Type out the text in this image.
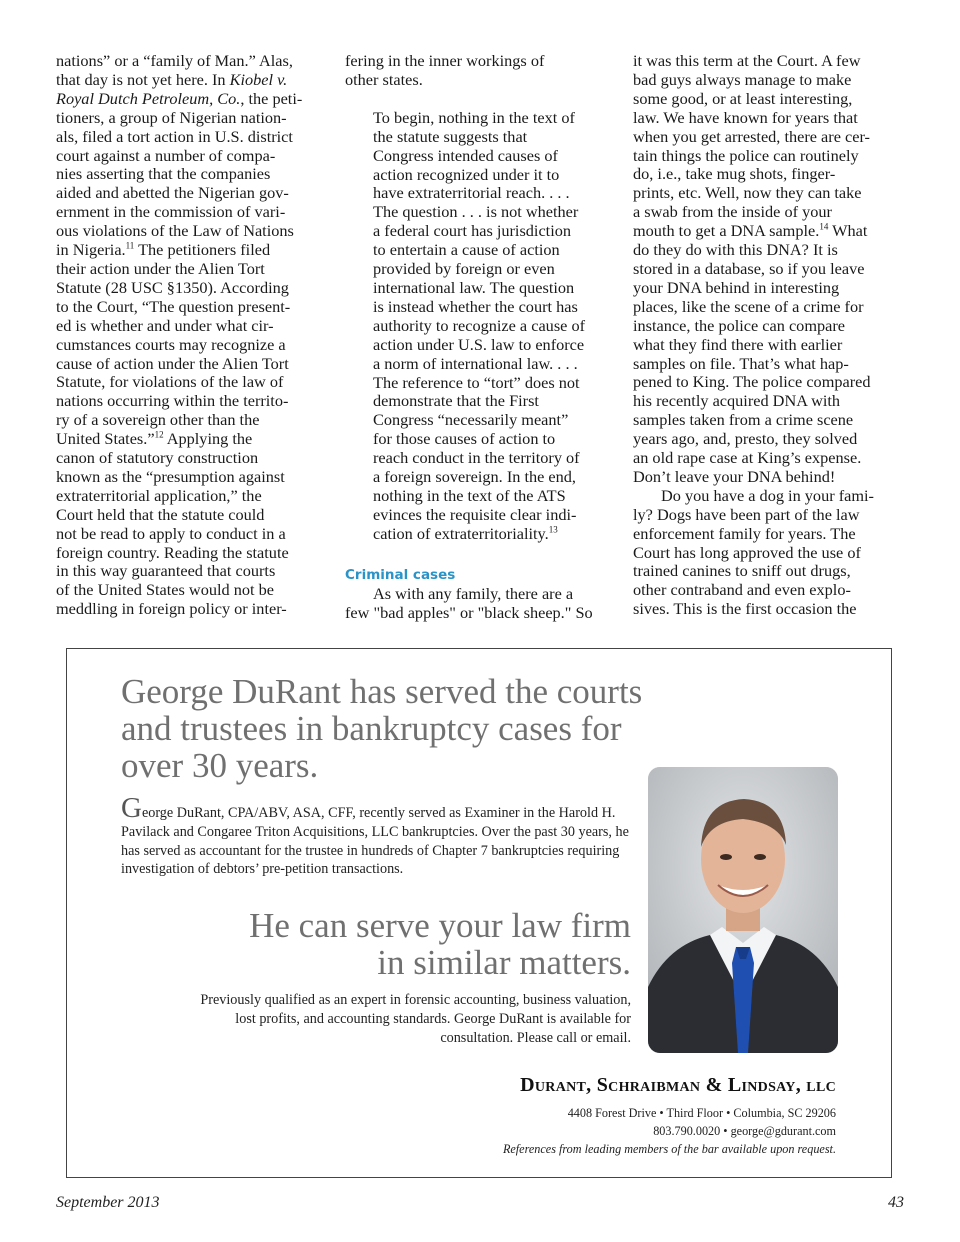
nations” or a “family of Man.” Alas,

that day is not yet here. In Kiobel v.

Royal Dutch Petroleum, Co., the peti-

tioners, a group of Nigerian nation-

als, filed a tort action in U.S. district

court against a number of compa-

nies asserting that the companies

aided and abetted the Nigerian gov-

ernment in the commission of vari-

ous violations of the Law of Nations

in Nigeria.$^{11}$ The petitioners filed

their action under the Alien Tort

Statute (28 USC §1350). According

to the Court, “The question present-

ed is whether and under what cir-

cumstances courts may recognize a

cause of action under the Alien Tort

Statute, for violations of the law of

nations occurring within the territo-

ry of a sovereign other than the

United States.”$^{12}$ Applying the

canon of statutory construction

known as the “presumption against

extraterritorial application,” the

Court held that the statute could

not be read to apply to conduct in a

foreign country. Reading the statute

in this way guaranteed that courts

of the United States would not be

meddling in foreign policy or inter-

fering in the inner workings of

other states.

To begin, nothing in the text of

the statute suggests that

Congress intended causes of

action recognized under it to

have extraterritorial reach. . . .

The question . . . is not whether

a federal court has jurisdiction

to entertain a cause of action

provided by foreign or even

international law. The question

is instead whether the court has

authority to recognize a cause of

action under U.S. law to enforce

a norm of international law. . . .

The reference to “tort” does not

demonstrate that the First

Congress “necessarily meant”

for those causes of action to

reach conduct in the territory of

a foreign sovereign. In the end,

nothing in the text of the ATS

evinces the requisite clear indi-

cation of extraterritoriality.$^{13}$

Criminal cases

As with any family, there are a

few "bad apples" or "black sheep." So

it was this term at the Court. A few

bad guys always manage to make

some good, or at least interesting,

law. We have known for years that

when you get arrested, there are cer-

tain things the police can routinely

do, i.e., take mug shots, finger-

prints, etc. Well, now they can take

a swab from the inside of your

mouth to get a DNA sample.$^{14}$ What

do they do with this DNA? It is

stored in a database, so if you leave

your DNA behind in interesting

places, like the scene of a crime for

instance, the police can compare

what they find there with earlier

samples on file. That’s what hap-

pened to King. The police compared

his recently acquired DNA with

samples taken from a crime scene

years ago, and, presto, they solved

an old rape case at King’s expense.

Don’t leave your DNA behind!

Do you have a dog in your fami-

ly? Dogs have been part of the law

enforcement family for years. The

Court has long approved the use of

trained canines to sniff out drugs,

other contraband and even explo-

sives. This is the first occasion the

George DuRant has served the courts and trustees in bankruptcy cases for over 30 years.
George DuRant, CPA/ABV, ASA, CFF, recently served as Examiner in the Harold H. Pavilack and Congaree Triton Acquisitions, LLC bankruptcies. Over the past 30 years, he has served as accountant for the trustee in hundreds of Chapter 7 bankruptcies requiring investigation of debtors’ pre-petition transactions.
He can serve your law firm in similar matters.
Previously qualified as an expert in forensic accounting, business valuation, lost profits, and accounting standards. George DuRant is available for consultation. Please call or email.
Durant, Schraibman & Lindsay, llc
4408 Forest Drive • Third Floor • Columbia, SC 29206
803.790.0020 • george@gdurant.com
References from leading members of the bar available upon request.
September 2013	43
